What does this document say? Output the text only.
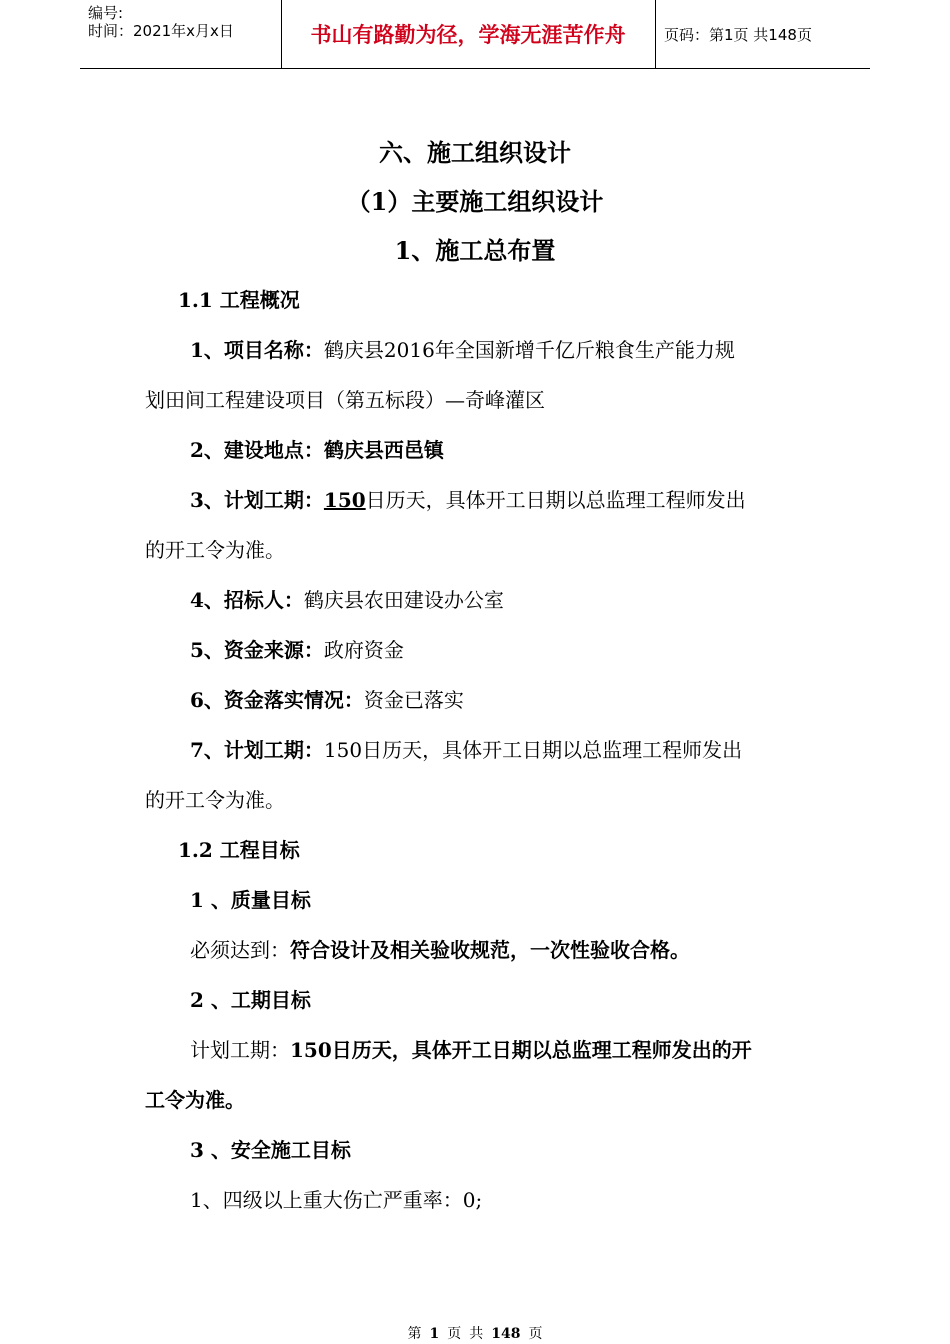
编号:
时间：2021年x月x日	书山有路勤为径，学海无涯苦作舟	页码：第1页 共148页
六、施工组织设计
（1）主要施工组织设计
1、施工总布置
1.1 工程概况
1、项目名称：鹤庆县2016年全国新增千亿斤粮食生产能力规
划田间工程建设项目（第五标段）—奇峰灌区
2、建设地点：鹤庆县西邑镇
3、计划工期：150日历天，具体开工日期以总监理工程师发出
的开工令为准。
4、招标人：鹤庆县农田建设办公室
5、资金来源：政府资金
6、资金落实情况：资金已落实
7、计划工期：150日历天，具体开工日期以总监理工程师发出
的开工令为准。
1.2 工程目标
1 、质量目标
必须达到：符合设计及相关验收规范，一次性验收合格。
2 、工期目标
计划工期：150日历天，具体开工日期以总监理工程师发出的开
工令为准。
3 、安全施工目标
1、四级以上重大伤亡严重率：0;
第 1 页 共 148 页
